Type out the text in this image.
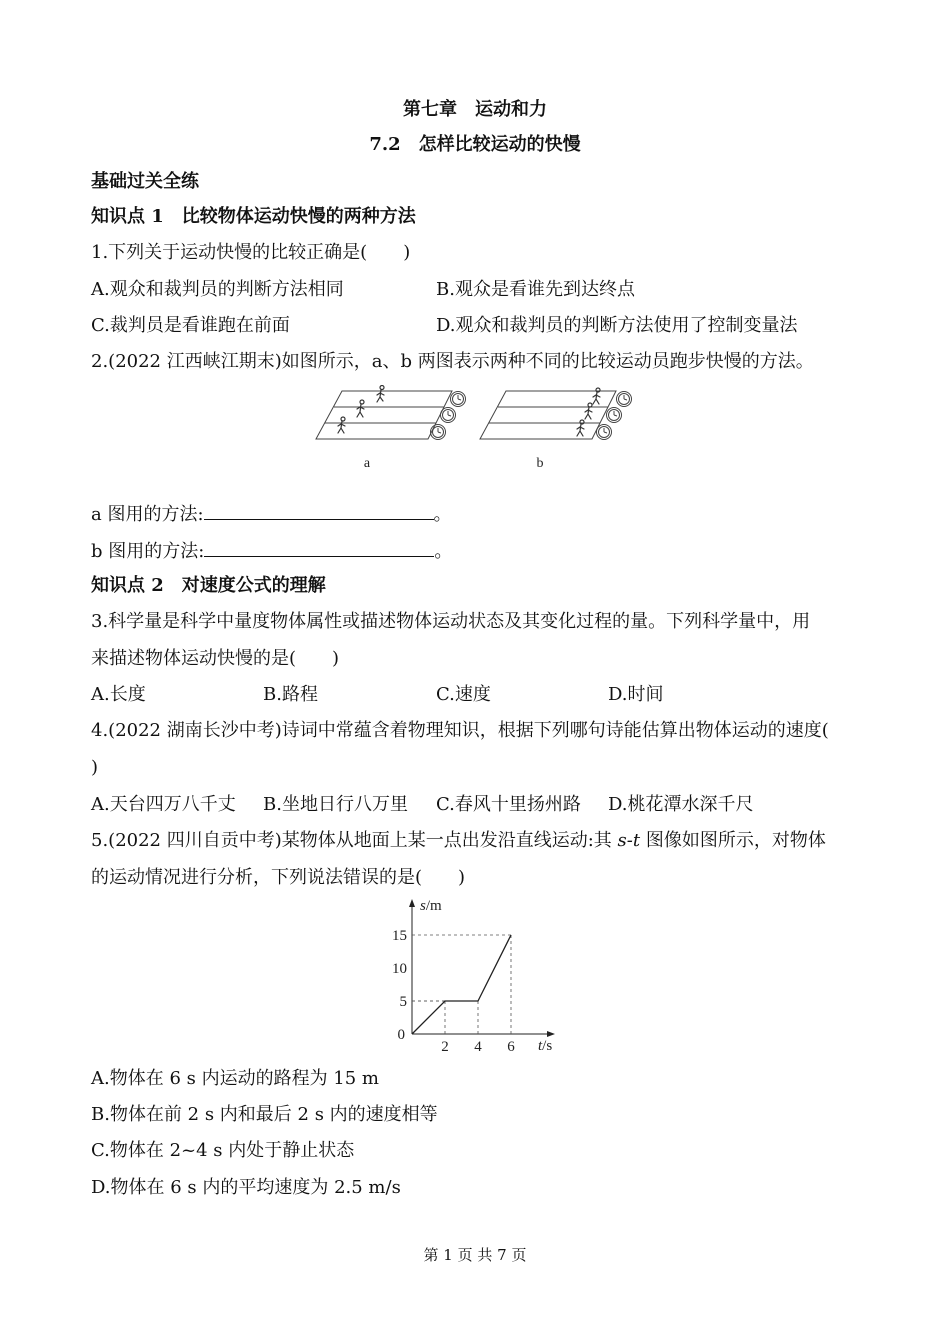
第七章　运动和力
7.2　怎样比较运动的快慢
基础过关全练
知识点 1　比较物体运动快慢的两种方法
1.下列关于运动快慢的比较正确是(　　)
A.观众和裁判员的判断方法相同	B.观众是看谁先到达终点
C.裁判员是看谁跑在前面	D.观众和裁判员的判断方法使用了控制变量法
2.(2022 江西峡江期末)如图所示，a、b 两图表示两种不同的比较运动员跑步快慢的方法。
a	b
a 图用的方法:	。
b 图用的方法:	。
知识点 2　对速度公式的理解
3.科学量是科学中量度物体属性或描述物体运动状态及其变化过程的量。下列科学量中，用
来描述物体运动快慢的是(　　)
A.长度	B.路程	C.速度	D.时间
4.(2022 湖南长沙中考)诗词中常蕴含着物理知识，根据下列哪句诗能估算出物体运动的速度(
)
A.天台四万八千丈 B.坐地日行八万里 C.春风十里扬州路 D.桃花潭水深千尺
5.(2022 四川自贡中考)某物体从地面上某一点出发沿直线运动:其 s-t 图像如图所示，对物体
的运动情况进行分析，下列说法错误的是(　　)
s/m
t/s
0
2 4 6
5
10
15
A.物体在 6 s 内运动的路程为 15 m
B.物体在前 2 s 内和最后 2 s 内的速度相等
C.物体在 2~4 s 内处于静止状态
D.物体在 6 s 内的平均速度为 2.5 m/s
第 1 页 共 7 页
